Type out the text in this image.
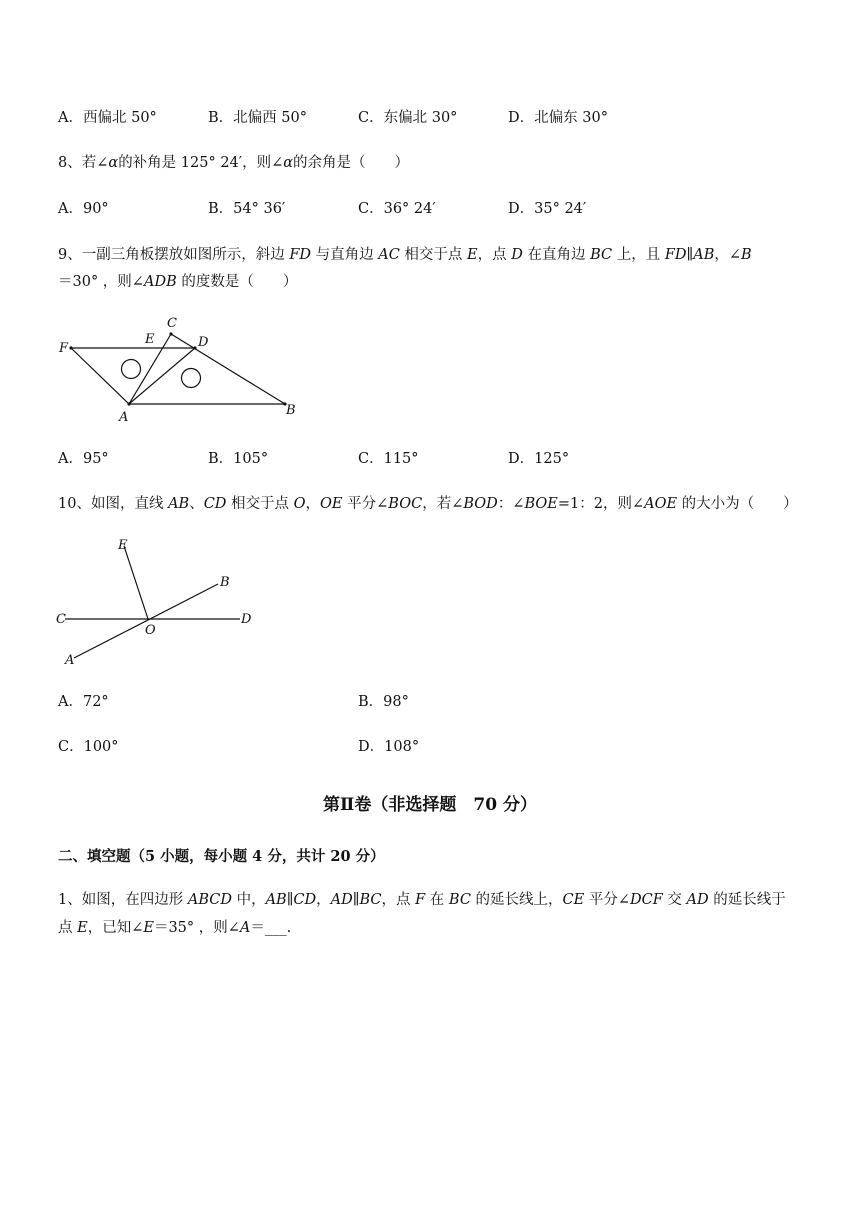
A．西偏北 50°	B．北偏西 50°	C．东偏北 30°	D．北偏东 30°
8、若∠α的补角是 125° 24′，则∠α的余角是（　　）
A．90°	B．54° 36′	C．36° 24′	D．35° 24′
9、一副三角板摆放如图所示，斜边 FD 与直角边 AC 相交于点 E，点 D 在直角边 BC 上，且 FD∥AB，∠B
＝30° ，则∠ADB 的度数是（　　）
F
E
C
D
A	B
A．95°	B．105°	C．115°	D．125°
10、如图，直线 AB、CD 相交于点 O，OE 平分∠BOC，若∠BOD：∠BOE=1：2，则∠AOE 的大小为（　　）
E
B
C
O
D
A
A．72°	B．98°
C．100°	D．108°
第Ⅱ卷（非选择题　70 分）
二、填空题（5 小题，每小题 4 分，共计 20 分）
1、如图，在四边形 ABCD 中，AB∥CD，AD∥BC，点 F 在 BC 的延长线上，CE 平分∠DCF 交 AD 的延长线于
点 E，已知∠E＝35° ，则∠A＝___.
